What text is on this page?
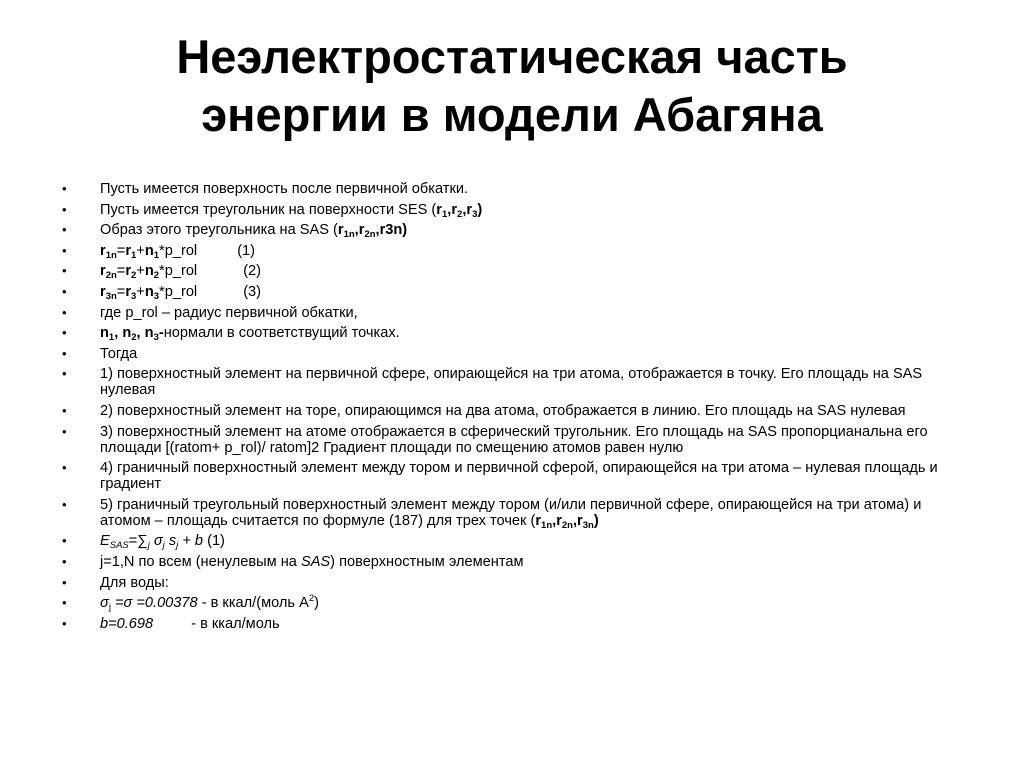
Неэлектростатическая часть
энергии в модели Абагяна
•	Пусть имеется поверхность после первичной обкатки.
•	Пусть имеется треугольник на поверхности SES $(r_1,r_2,r_3)$
•	Образ этого треугольника на SAS $(r_{1n},r_{2n},r3n)$
•	$r_{1n}=r_1+n_1*p\_rol$	(1)
•	$r_{2n}=r_2+n_2*p\_rol$	(2)
•	$r_{3n}=r_3+n_3*p\_rol$	(3)
•	где p_rol – радиус первичной обкатки,
•	$n_1$, $n_2$, $n_3$-нормали в соответствущий точках.
•	Тогда
•	1) поверхностный элемент на первичной сфере, опирающейся на три атома, отображается в точку. Его площадь на SAS нулевая
•	2) поверхностный элемент на торе, опирающимся на два атома, отображается в линию. Его площадь на SAS нулевая
•	3) поверхностный элемент на атоме отображается в сферический тругольник. Его площадь на SAS пропорцианальна его площади [(ratom+ p_rol)/ ratom]2 Градиент площади по смещению атомов равен нулю
•	4) граничный поверхностный элемент между тором и первичной сферой, опирающейся на три атома – нулевая площадь и градиент
•	5) граничный треугольный поверхностный элемент между тором (и/или первичной сфере, опирающейся на три атома) и атомом – площадь считается по формуле (187) для трех точек $(r_{1n},r_{2n},r_{3n})$
•	$E_{SAS}=\sum_j$ $\sigma_j$ $s_j + b$ (1)
•	j=1,N по всем (ненулевым на SAS) поверхностным элементам
•	Для воды:
•	$\sigma_j =\sigma =0.00378 - в$ ккал/(моль $А^2$)
•	b=0.698	- в ккал/моль
